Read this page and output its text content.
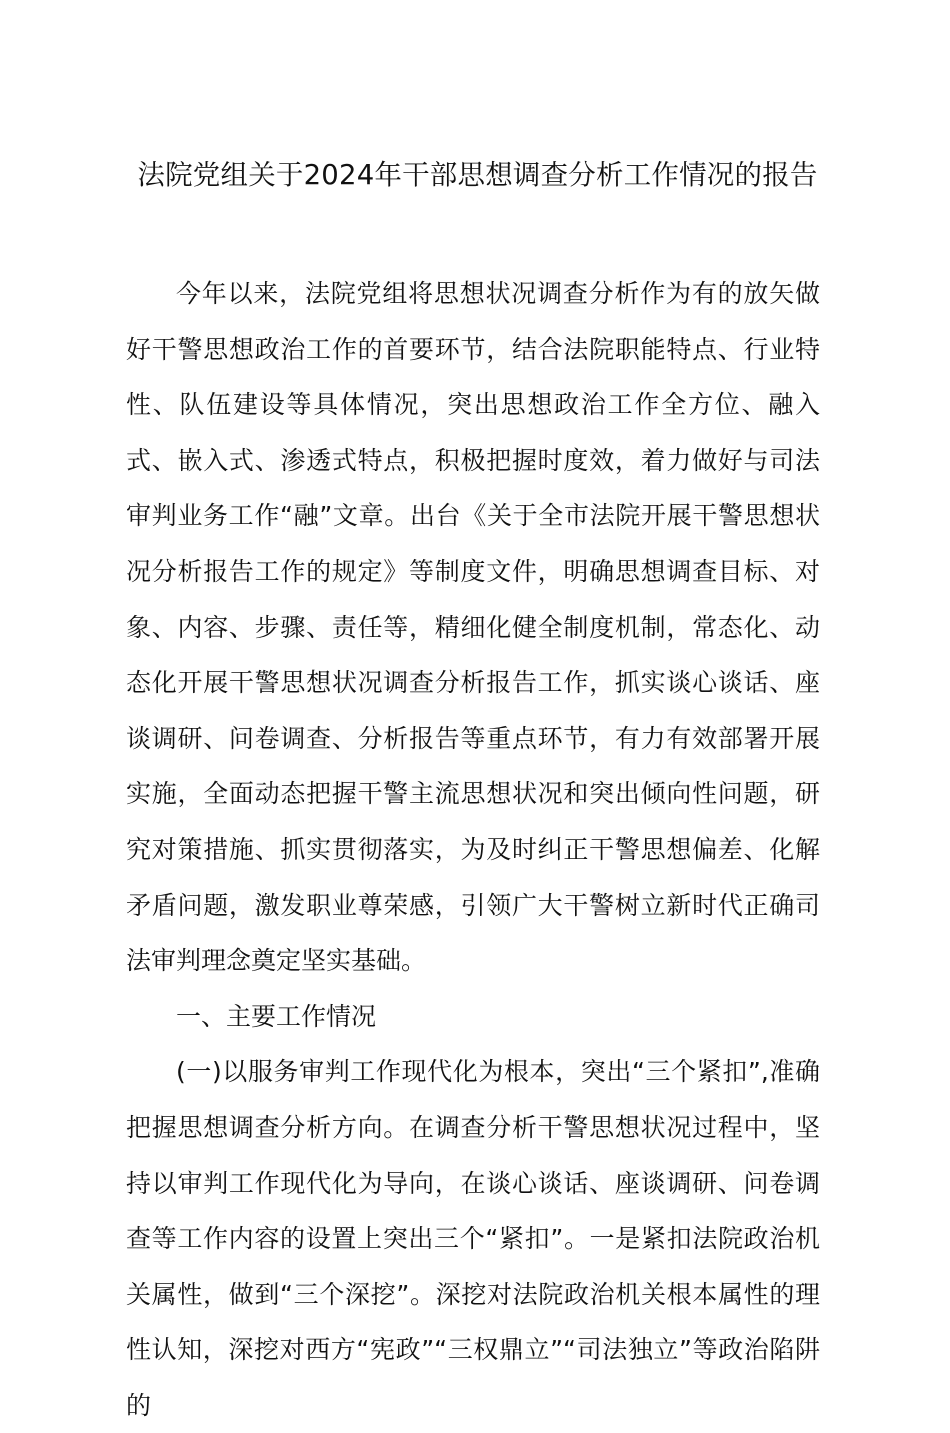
法院党组关于2024年干部思想调查分析工作情况的报告

今年以来，法院党组将思想状况调查分析作为有的放矢做好干警思想政治工作的首要环节，结合法院职能特点、行业特性、队伍建设等具体情况，突出思想政治工作全方位、融入式、嵌入式、渗透式特点，积极把握时度效，着力做好与司法审判业务工作“融”文章。出台《关于全市法院开展干警思想状况分析报告工作的规定》等制度文件，明确思想调查目标、对象、内容、步骤、责任等，精细化健全制度机制，常态化、动态化开展干警思想状况调查分析报告工作，抓实谈心谈话、座谈调研、问卷调查、分析报告等重点环节，有力有效部署开展实施，全面动态把握干警主流思想状况和突出倾向性问题，研究对策措施、抓实贯彻落实，为及时纠正干警思想偏差、化解矛盾问题，激发职业尊荣感，引领广大干警树立新时代正确司法审判理念奠定坚实基础。

一、主要工作情况

(一)以服务审判工作现代化为根本，突出“三个紧扣”,准确把握思想调查分析方向。在调查分析干警思想状况过程中，坚持以审判工作现代化为导向，在谈心谈话、座谈调研、问卷调查等工作内容的设置上突出三个“紧扣”。一是紧扣法院政治机关属性，做到“三个深挖”。深挖对法院政治机关根本属性的理性认知，深挖对西方“宪政”“三权鼎立”“司法独立”等政治陷阱的
